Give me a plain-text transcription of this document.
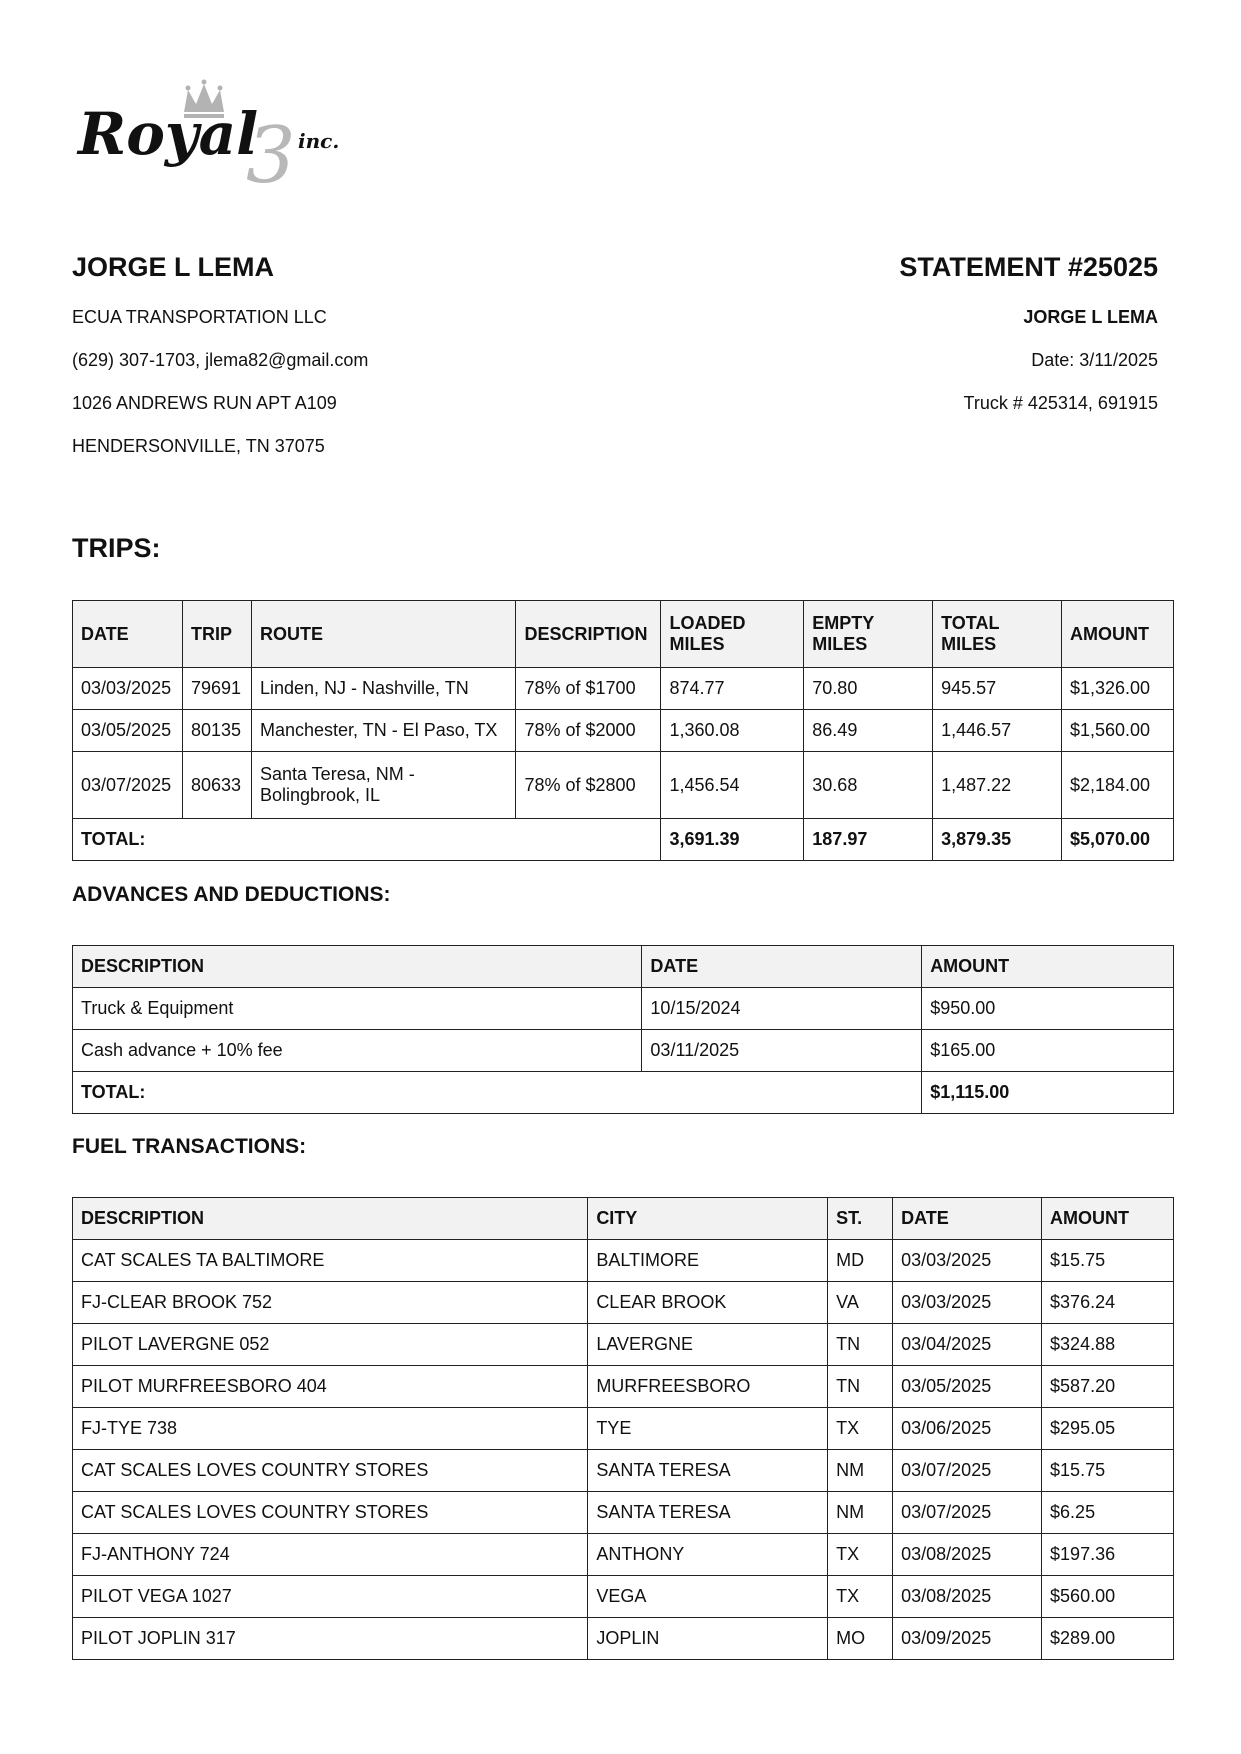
3
Royal inc.

JORGE L LEMA

ECUA TRANSPORTATION LLC

(629) 307-1703, jlema82@gmail.com

1026 ANDREWS RUN APT A109

HENDERSONVILLE, TN 37075

STATEMENT #25025

JORGE L LEMA

Date: 3/11/2025

Truck # 425314, 691915

TRIPS:
DATE	TRIP	ROUTE	DESCRIPTION	LOADED MILES	EMPTY MILES	TOTAL MILES	AMOUNT
03/03/2025	79691	Linden, NJ - Nashville, TN	78% of $1700	874.77	70.80	945.57	$1,326.00
03/05/2025	80135	Manchester, TN - El Paso, TX	78% of $2000	1,360.08	86.49	1,446.57	$1,560.00
03/07/2025	80633	Santa Teresa, NM - Bolingbrook, IL	78% of $2800	1,456.54	30.68	1,487.22	$2,184.00
TOTAL:				3,691.39	187.97	3,879.35	$5,070.00
ADVANCES AND DEDUCTIONS:
DESCRIPTION	DATE	AMOUNT
Truck & Equipment	10/15/2024	$950.00
Cash advance + 10% fee	03/11/2025	$165.00
TOTAL:		$1,115.00
FUEL TRANSACTIONS:
DESCRIPTION	CITY	ST.	DATE	AMOUNT
CAT SCALES TA BALTIMORE	BALTIMORE	MD	03/03/2025	$15.75
FJ-CLEAR BROOK 752	CLEAR BROOK	VA	03/03/2025	$376.24
PILOT LAVERGNE 052	LAVERGNE	TN	03/04/2025	$324.88
PILOT MURFREESBORO 404	MURFREESBORO	TN	03/05/2025	$587.20
FJ-TYE 738	TYE	TX	03/06/2025	$295.05
CAT SCALES LOVES COUNTRY STORES	SANTA TERESA	NM	03/07/2025	$15.75
CAT SCALES LOVES COUNTRY STORES	SANTA TERESA	NM	03/07/2025	$6.25
FJ-ANTHONY 724	ANTHONY	TX	03/08/2025	$197.36
PILOT VEGA 1027	VEGA	TX	03/08/2025	$560.00
PILOT JOPLIN 317	JOPLIN	MO	03/09/2025	$289.00
